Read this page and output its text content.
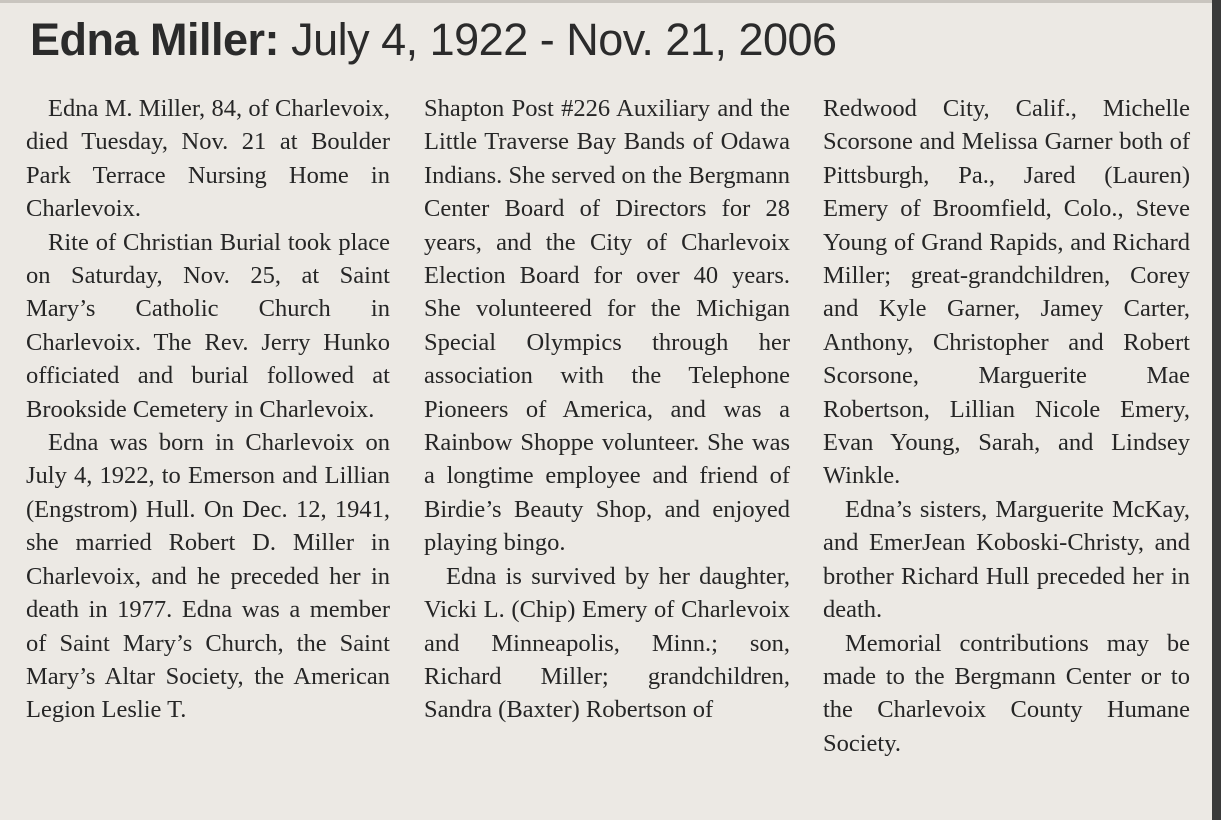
Edna Miller: July 4, 1922 - Nov. 21, 2006

Edna M. Miller, 84, of Charlevoix, died Tuesday, Nov. 21 at Boulder Park Terrace Nursing Home in Charlevoix.

Rite of Christian Burial took place on Saturday, Nov. 25, at Saint Mary’s Catholic Church in Charlevoix. The Rev. Jerry Hunko officiated and burial followed at Brookside Cemetery in Charlevoix.

Edna was born in Charlevoix on July 4, 1922, to Emerson and Lillian (Engstrom) Hull. On Dec. 12, 1941, she married Robert D. Miller in Charlevoix, and he preceded her in death in 1977. Edna was a member of Saint Mary’s Church, the Saint Mary’s Altar Society, the American Legion Leslie T.

Shapton Post #226 Auxiliary and the Little Traverse Bay Bands of Odawa Indians. She served on the Bergmann Center Board of Directors for 28 years, and the City of Charlevoix Election Board for over 40 years. She volunteered for the Michigan Special Olympics through her association with the Telephone Pioneers of America, and was a Rainbow Shoppe volunteer. She was a longtime employee and friend of Birdie’s Beauty Shop, and enjoyed playing bingo.

Edna is survived by her daughter, Vicki L. (Chip) Emery of Charlevoix and Minneapolis, Minn.; son, Richard Miller; grandchildren, Sandra (Baxter) Robertson of

Redwood City, Calif., Michelle Scorsone and Melissa Garner both of Pittsburgh, Pa., Jared (Lauren) Emery of Broomfield, Colo., Steve Young of Grand Rapids, and Richard Miller; great-grandchildren, Corey and Kyle Garner, Jamey Carter, Anthony, Christopher and Robert Scorsone, Marguerite Mae Robertson, Lillian Nicole Emery, Evan Young, Sarah, and Lindsey Winkle.

Edna’s sisters, Marguerite McKay, and EmerJean Koboski-Christy, and brother Richard Hull preceded her in death.

Memorial contributions may be made to the Bergmann Center or to the Charlevoix County Humane Society.
